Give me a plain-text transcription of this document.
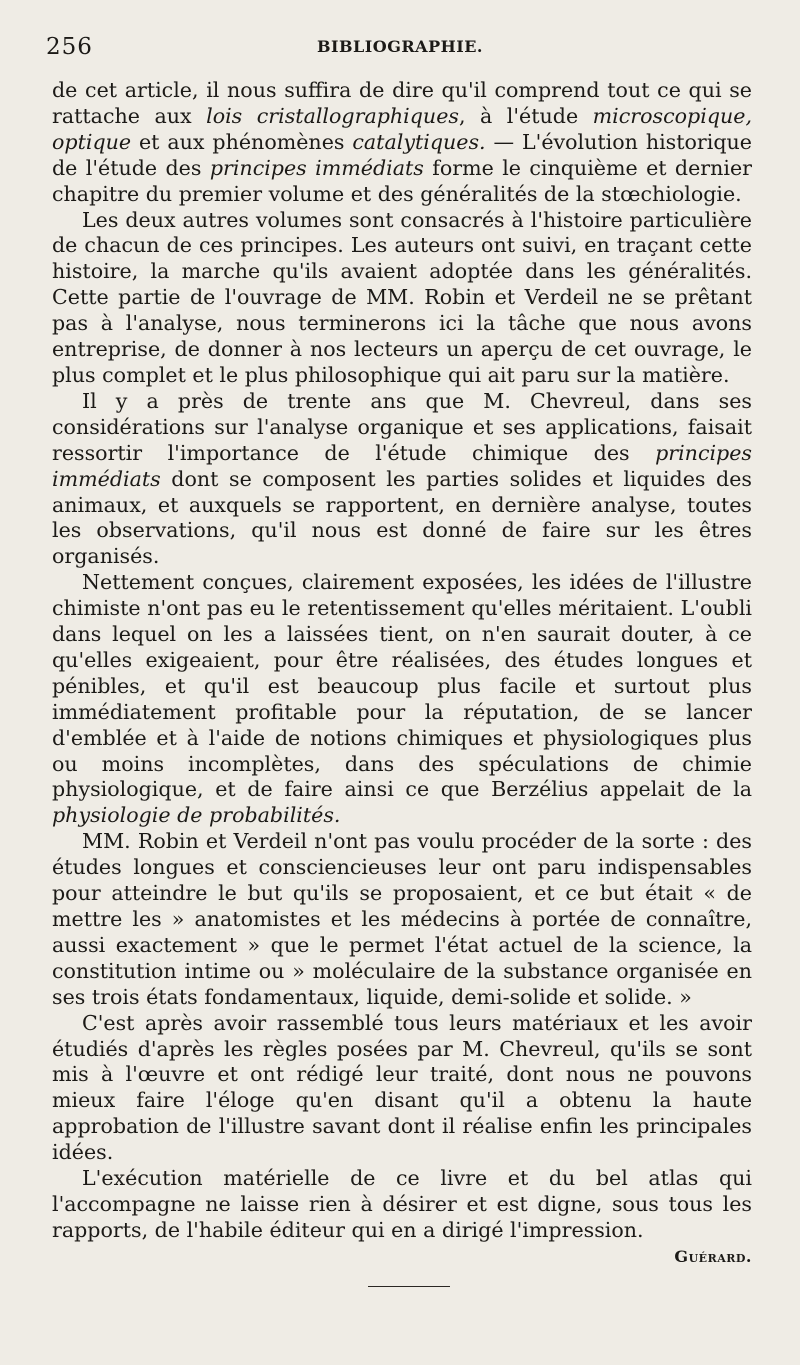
256	BIBLIOGRAPHIE.

de cet article, il nous suffira de dire qu'il comprend tout ce qui se rattache aux lois cristallographiques, à l'étude microscopique, optique et aux phénomènes catalytiques. — L'évolution historique de l'étude des principes immédiats forme le cinquième et dernier chapitre du premier volume et des généralités de la stœchiologie.

Les deux autres volumes sont consacrés à l'histoire particulière de chacun de ces principes. Les auteurs ont suivi, en traçant cette histoire, la marche qu'ils avaient adoptée dans les généralités. Cette partie de l'ouvrage de MM. Robin et Verdeil ne se prêtant pas à l'analyse, nous terminerons ici la tâche que nous avons entreprise, de donner à nos lecteurs un aperçu de cet ouvrage, le plus complet et le plus philosophique qui ait paru sur la matière.

Il y a près de trente ans que M. Chevreul, dans ses considérations sur l'analyse organique et ses applications, faisait ressortir l'importance de l'étude chimique des principes immédiats dont se composent les parties solides et liquides des animaux, et auxquels se rapportent, en dernière analyse, toutes les observations, qu'il nous est donné de faire sur les êtres organisés.

Nettement conçues, clairement exposées, les idées de l'illustre chimiste n'ont pas eu le retentissement qu'elles méritaient. L'oubli dans lequel on les a laissées tient, on n'en saurait douter, à ce qu'elles exigeaient, pour être réalisées, des études longues et pénibles, et qu'il est beaucoup plus facile et surtout plus immédiatement profitable pour la réputation, de se lancer d'emblée et à l'aide de notions chimiques et physiologiques plus ou moins incomplètes, dans des spéculations de chimie physiologique, et de faire ainsi ce que Berzélius appelait de la physiologie de probabilités.

MM. Robin et Verdeil n'ont pas voulu procéder de la sorte : des études longues et consciencieuses leur ont paru indispensables pour atteindre le but qu'ils se proposaient, et ce but était « de mettre les » anatomistes et les médecins à portée de connaître, aussi exactement » que le permet l'état actuel de la science, la constitution intime ou » moléculaire de la substance organisée en ses trois états fondamentaux, liquide, demi-solide et solide. »

C'est après avoir rassemblé tous leurs matériaux et les avoir étudiés d'après les règles posées par M. Chevreul, qu'ils se sont mis à l'œuvre et ont rédigé leur traité, dont nous ne pouvons mieux faire l'éloge qu'en disant qu'il a obtenu la haute approbation de l'illustre savant dont il réalise enfin les principales idées.

L'exécution matérielle de ce livre et du bel atlas qui l'accompagne ne laisse rien à désirer et est digne, sous tous les rapports, de l'habile éditeur qui en a dirigé l'impression.
Guérard.
